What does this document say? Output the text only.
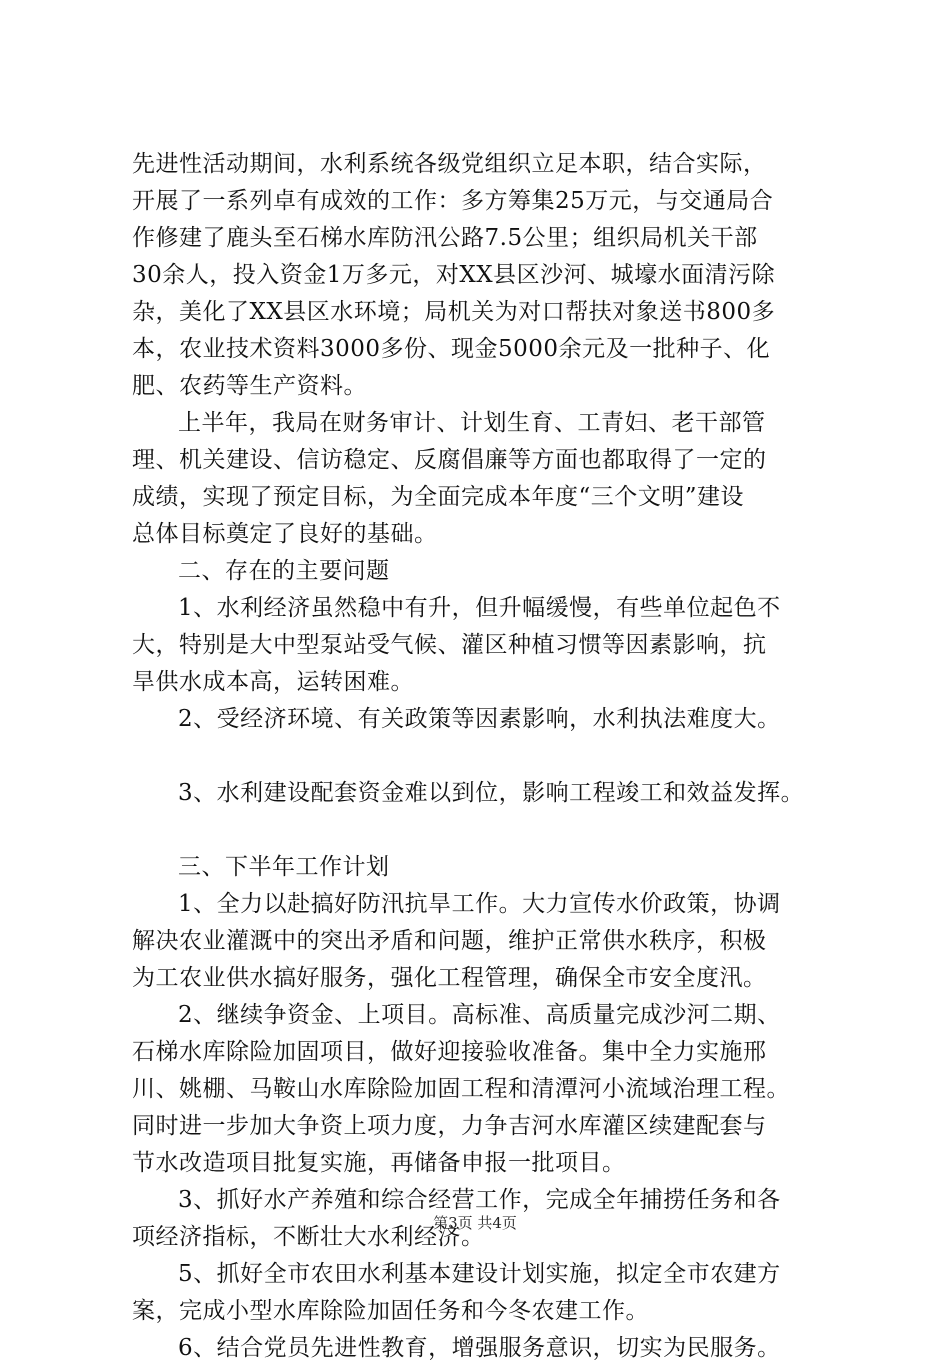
先进性活动期间，水利系统各级党组织立足本职，结合实际，
开展了一系列卓有成效的工作：多方筹集25万元，与交通局合
作修建了鹿头至石梯水库防汛公路7.5公里；组织局机关干部
30余人，投入资金1万多元，对XX县区沙河、城壕水面清污除
杂，美化了XX县区水环境；局机关为对口帮扶对象送书800多
本，农业技术资料3000多份、现金5000余元及一批种子、化
肥、农药等生产资料。
上半年，我局在财务审计、计划生育、工青妇、老干部管
理、机关建设、信访稳定、反腐倡廉等方面也都取得了一定的
成绩，实现了预定目标，为全面完成本年度“三个文明”建设
总体目标奠定了良好的基础。
二、存在的主要问题
1、水利经济虽然稳中有升，但升幅缓慢，有些单位起色不
大，特别是大中型泵站受气候、灌区种植习惯等因素影响，抗
旱供水成本高，运转困难。
2、受经济环境、有关政策等因素影响，水利执法难度大。
3、水利建设配套资金难以到位，影响工程竣工和效益发挥。
三、下半年工作计划
1、全力以赴搞好防汛抗旱工作。大力宣传水价政策，协调
解决农业灌溉中的突出矛盾和问题，维护正常供水秩序，积极
为工农业供水搞好服务，强化工程管理，确保全市安全度汛。
2、继续争资金、上项目。高标准、高质量完成沙河二期、
石梯水库除险加固项目，做好迎接验收准备。集中全力实施邢
川、姚棚、马鞍山水库除险加固工程和清潭河小流域治理工程。
同时进一步加大争资上项力度，力争吉河水库灌区续建配套与
节水改造项目批复实施，再储备申报一批项目。
3、抓好水产养殖和综合经营工作，完成全年捕捞任务和各
项经济指标，不断壮大水利经济。
5、抓好全市农田水利基本建设计划实施，拟定全市农建方
案，完成小型水库除险加固任务和今冬农建工作。
6、结合党员先进性教育，增强服务意识，切实为民服务。
第3页 共4页
